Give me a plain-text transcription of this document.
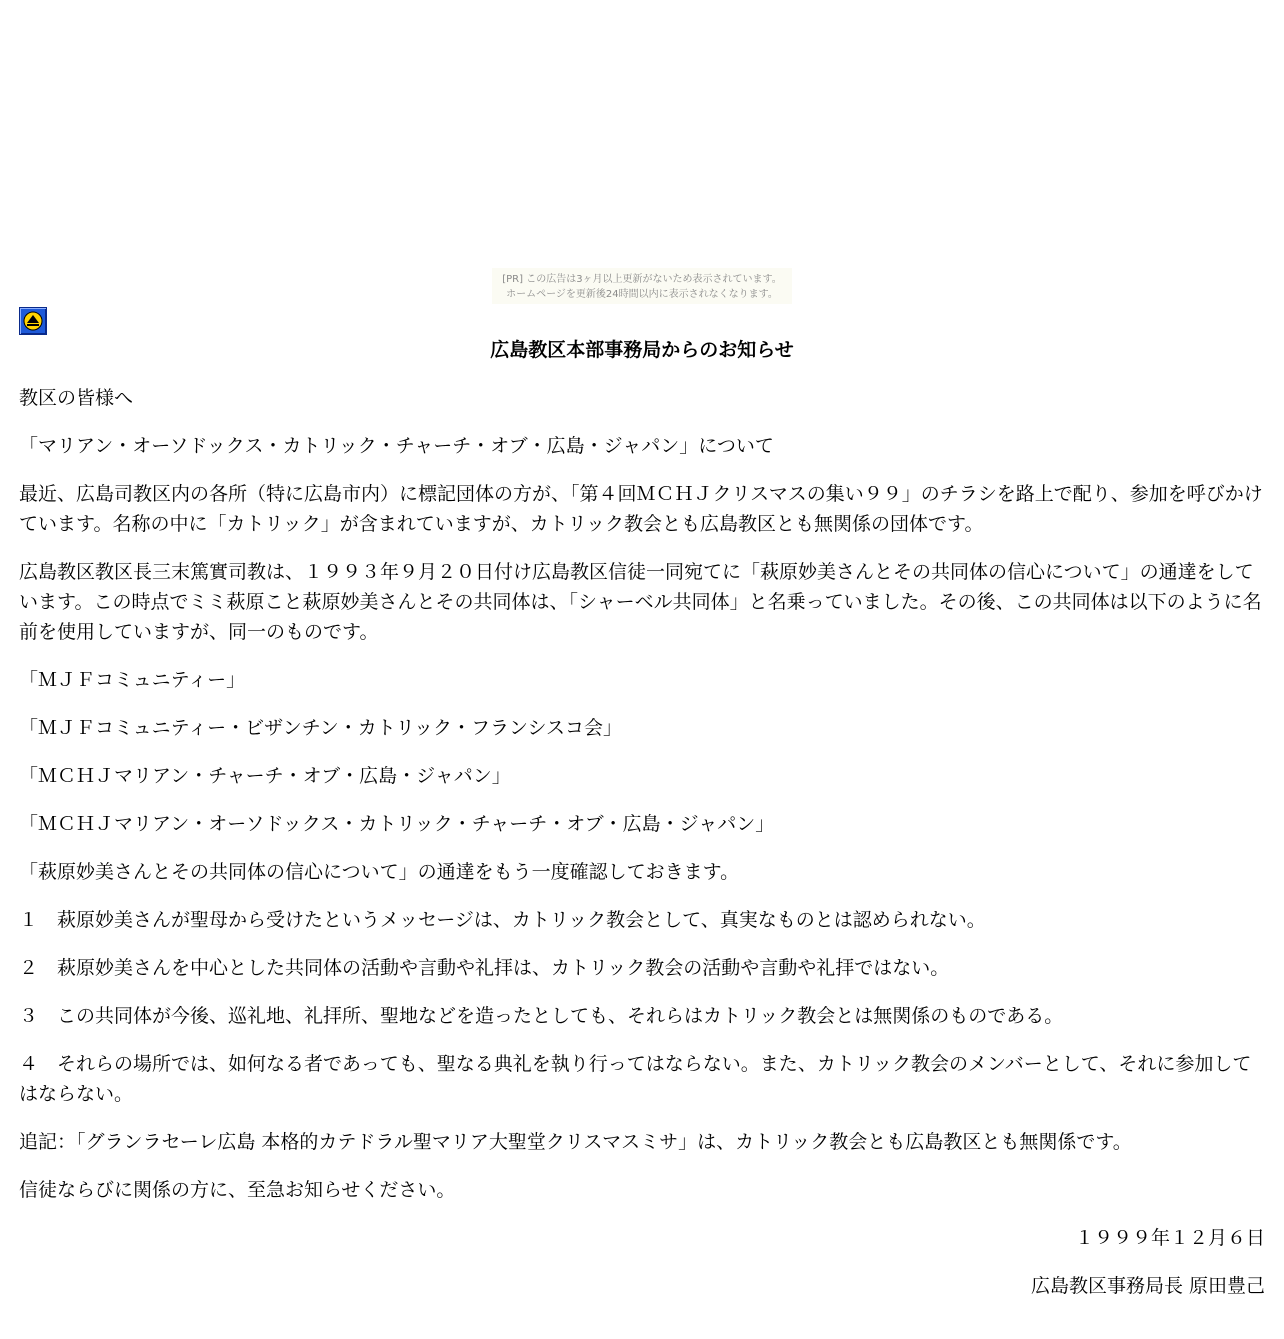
[PR] この広告は3ヶ月以上更新がないため表示されています。
ホームページを更新後24時間以内に表示されなくなります。
広島教区本部事務局からのお知らせ

教区の皆様へ

「マリアン・オーソドックス・カトリック・チャーチ・オブ・広島・ジャパン」について

最近、広島司教区内の各所（特に広島市内）に標記団体の方が、「第４回ＭＣＨＪクリスマスの集い９９」のチラシを路上で配り、参加を呼びかけています。名称の中に「カトリック」が含まれていますが、カトリック教会とも広島教区とも無関係の団体です。

広島教区教区長三末篤實司教は、１９９３年９月２０日付け広島教区信徒一同宛てに「萩原妙美さんとその共同体の信心について」の通達をしています。この時点でミミ萩原こと萩原妙美さんとその共同体は、「シャーベル共同体」と名乗っていました。その後、この共同体は以下のように名前を使用していますが、同一のものです。

「ＭＪＦコミュニティー」

「ＭＪＦコミュニティー・ビザンチン・カトリック・フランシスコ会」

「ＭＣＨＪマリアン・チャーチ・オブ・広島・ジャパン」

「ＭＣＨＪマリアン・オーソドックス・カトリック・チャーチ・オブ・広島・ジャパン」

「萩原妙美さんとその共同体の信心について」の通達をもう一度確認しておきます。

１　萩原妙美さんが聖母から受けたというメッセージは、カトリック教会として、真実なものとは認められない。

２　萩原妙美さんを中心とした共同体の活動や言動や礼拝は、カトリック教会の活動や言動や礼拝ではない。

３　この共同体が今後、巡礼地、礼拝所、聖地などを造ったとしても、それらはカトリック教会とは無関係のものである。

４　それらの場所では、如何なる者であっても、聖なる典礼を執り行ってはならない。また、カトリック教会のメンバーとして、それに参加してはならない。

追記：「グランラセーレ広島 本格的カテドラル聖マリア大聖堂クリスマスミサ」は、カトリック教会とも広島教区とも無関係です。

信徒ならびに関係の方に、至急お知らせください。

１９９９年１２月６日

広島教区事務局長 原田豊己
